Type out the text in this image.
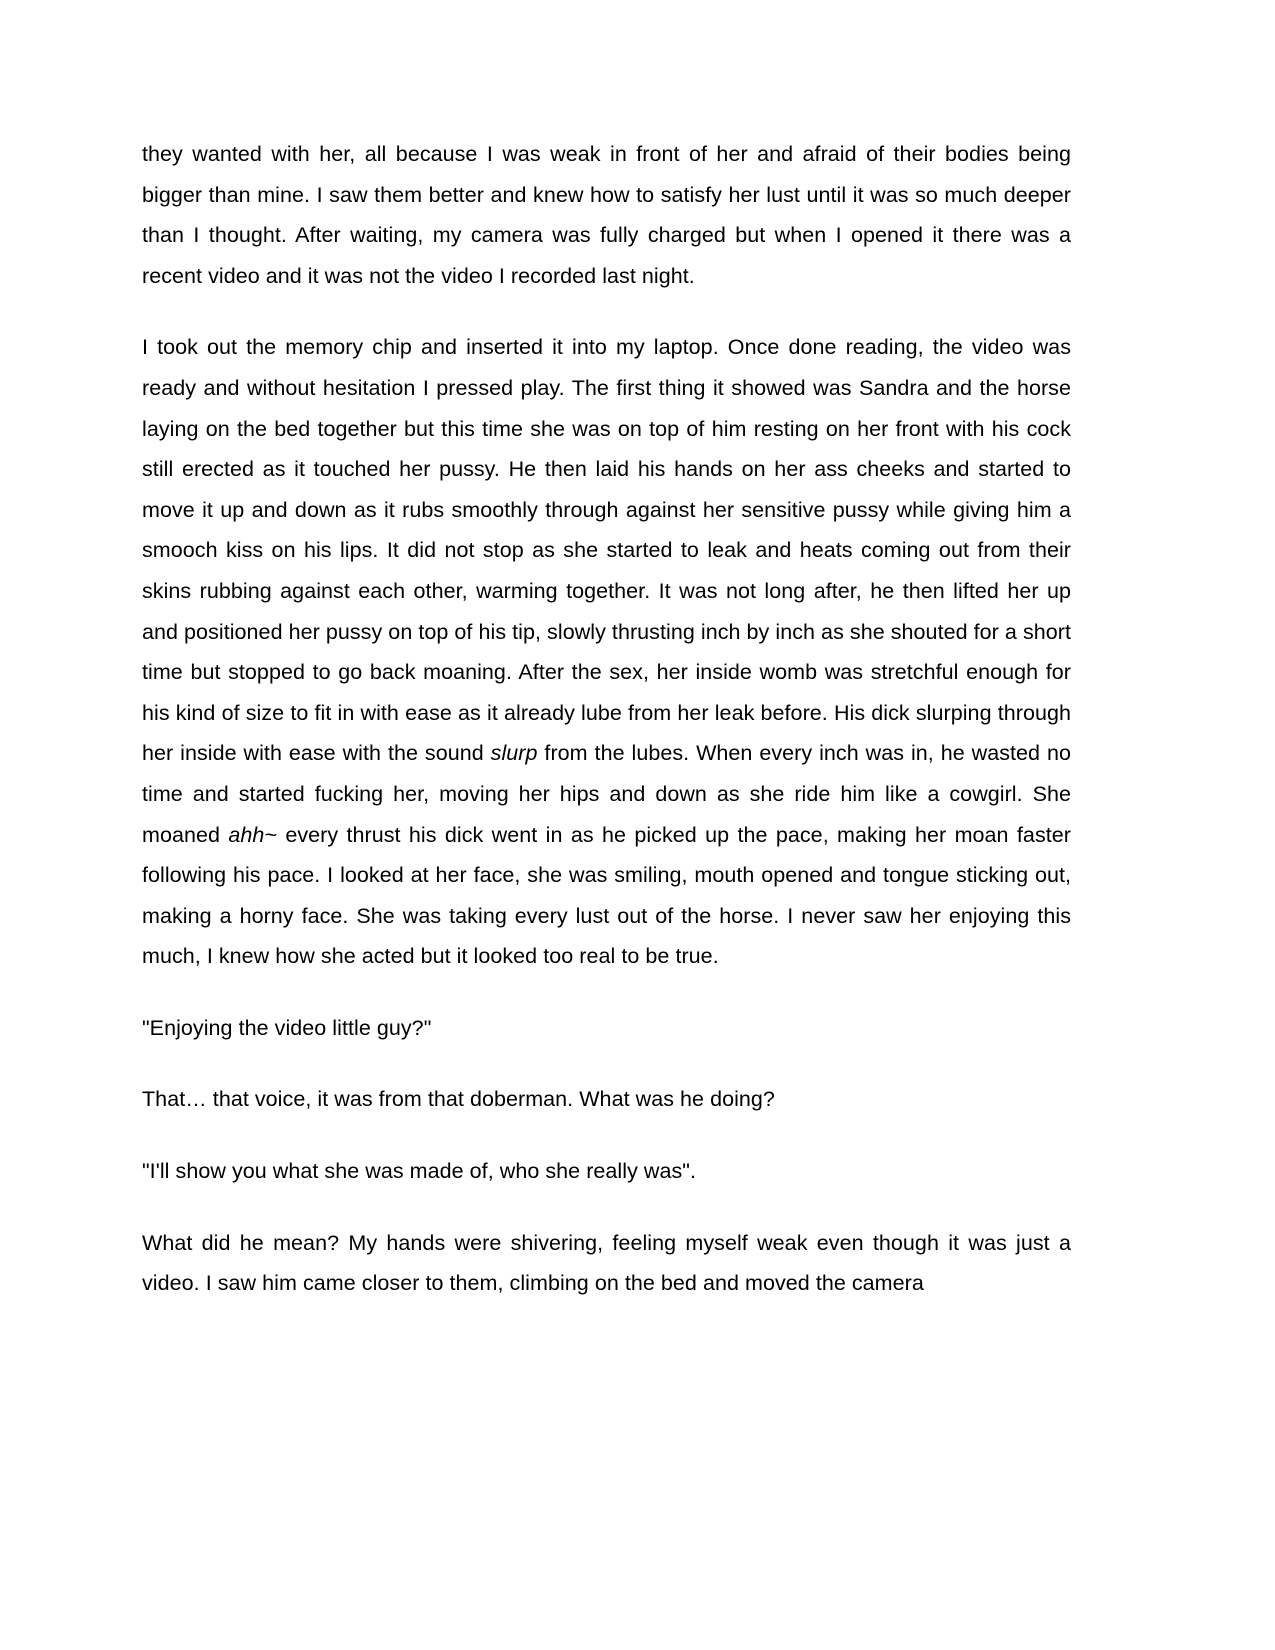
they wanted with her, all because I was weak in front of her and afraid of their bodies being bigger than mine. I saw them better and knew how to satisfy her lust until it was so much deeper than I thought. After waiting, my camera was fully charged but when I opened it there was a recent video and it was not the video I recorded last night.

I took out the memory chip and inserted it into my laptop. Once done reading, the video was ready and without hesitation I pressed play. The first thing it showed was Sandra and the horse laying on the bed together but this time she was on top of him resting on her front with his cock still erected as it touched her pussy. He then laid his hands on her ass cheeks and started to move it up and down as it rubs smoothly through against her sensitive pussy while giving him a smooch kiss on his lips. It did not stop as she started to leak and heats coming out from their skins rubbing against each other, warming together. It was not long after, he then lifted her up and positioned her pussy on top of his tip, slowly thrusting inch by inch as she shouted for a short time but stopped to go back moaning. After the sex, her inside womb was stretchful enough for his kind of size to fit in with ease as it already lube from her leak before. His dick slurping through her inside with ease with the sound slurp from the lubes. When every inch was in, he wasted no time and started fucking her, moving her hips and down as she ride him like a cowgirl. She moaned ahh~ every thrust his dick went in as he picked up the pace, making her moan faster following his pace. I looked at her face, she was smiling, mouth opened and tongue sticking out, making a horny face. She was taking every lust out of the horse. I never saw her enjoying this much, I knew how she acted but it looked too real to be true.

"Enjoying the video little guy?"

That… that voice, it was from that doberman. What was he doing?

"I'll show you what she was made of, who she really was".

What did he mean? My hands were shivering, feeling myself weak even though it was just a video. I saw him came closer to them, climbing on the bed and moved the camera
